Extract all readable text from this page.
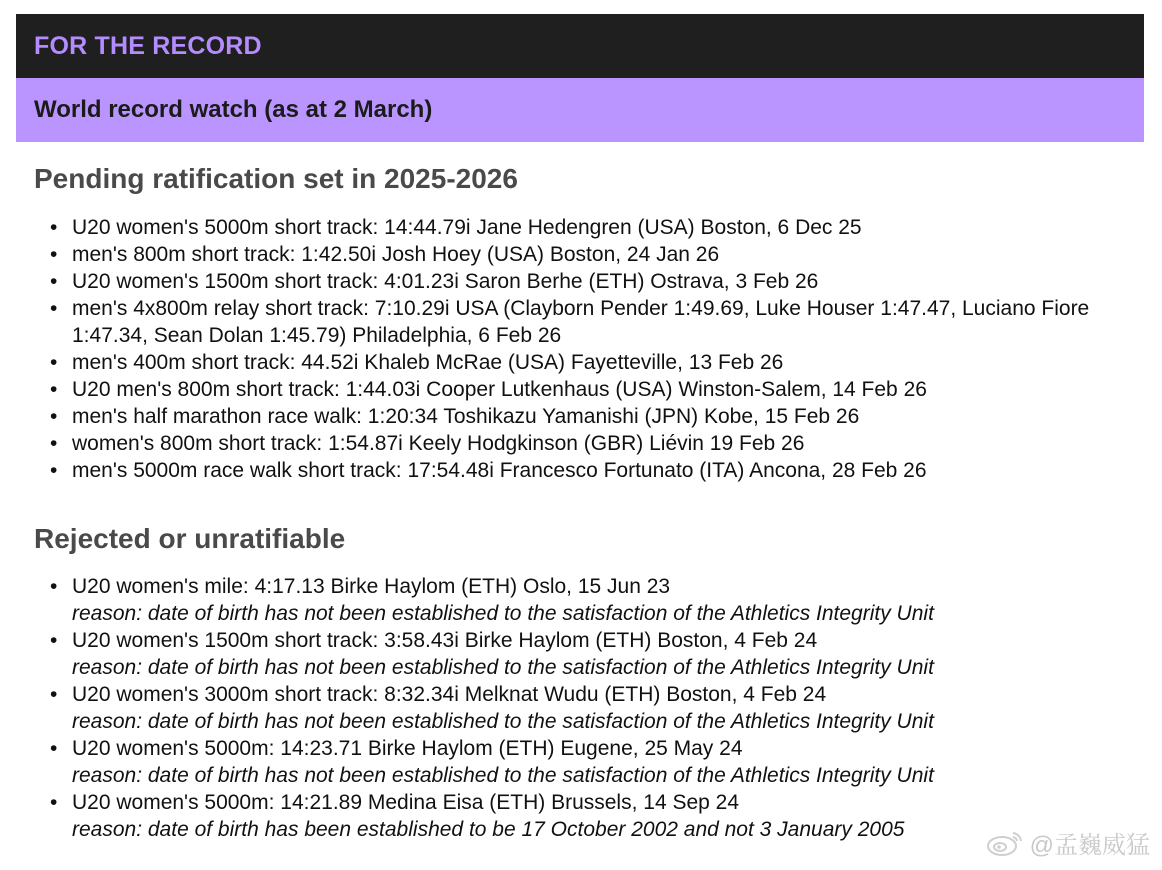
FOR THE RECORD
World record watch (as at 2 March)
Pending ratification set in 2025-2026
• U20 women's 5000m short track: 14:44.79i Jane Hedengren (USA) Boston, 6 Dec 25
• men's 800m short track: 1:42.50i Josh Hoey (USA) Boston, 24 Jan 26
• U20 women's 1500m short track: 4:01.23i Saron Berhe (ETH) Ostrava, 3 Feb 26
• men's 4x800m relay short track: 7:10.29i USA (Clayborn Pender 1:49.69, Luke Houser 1:47.47, Luciano Fiore 1:47.34, Sean Dolan 1:45.79) Philadelphia, 6 Feb 26
• men's 400m short track: 44.52i Khaleb McRae (USA) Fayetteville, 13 Feb 26
• U20 men's 800m short track: 1:44.03i Cooper Lutkenhaus (USA) Winston-Salem, 14 Feb 26
• men's half marathon race walk: 1:20:34 Toshikazu Yamanishi (JPN) Kobe, 15 Feb 26
• women's 800m short track: 1:54.87i Keely Hodgkinson (GBR) Liévin 19 Feb 26
• men's 5000m race walk short track: 17:54.48i Francesco Fortunato (ITA) Ancona, 28 Feb 26
Rejected or unratifiable
• U20 women's mile: 4:17.13 Birke Haylom (ETH) Oslo, 15 Jun 23
reason: date of birth has not been established to the satisfaction of the Athletics Integrity Unit
• U20 women's 1500m short track: 3:58.43i Birke Haylom (ETH) Boston, 4 Feb 24
reason: date of birth has not been established to the satisfaction of the Athletics Integrity Unit
• U20 women's 3000m short track: 8:32.34i Melknat Wudu (ETH) Boston, 4 Feb 24
reason: date of birth has not been established to the satisfaction of the Athletics Integrity Unit
• U20 women's 5000m: 14:23.71 Birke Haylom (ETH) Eugene, 25 May 24
reason: date of birth has not been established to the satisfaction of the Athletics Integrity Unit
• U20 women's 5000m: 14:21.89 Medina Eisa (ETH) Brussels, 14 Sep 24
reason: date of birth has been established to be 17 October 2002 and not 3 January 2005
@孟巍威猛
